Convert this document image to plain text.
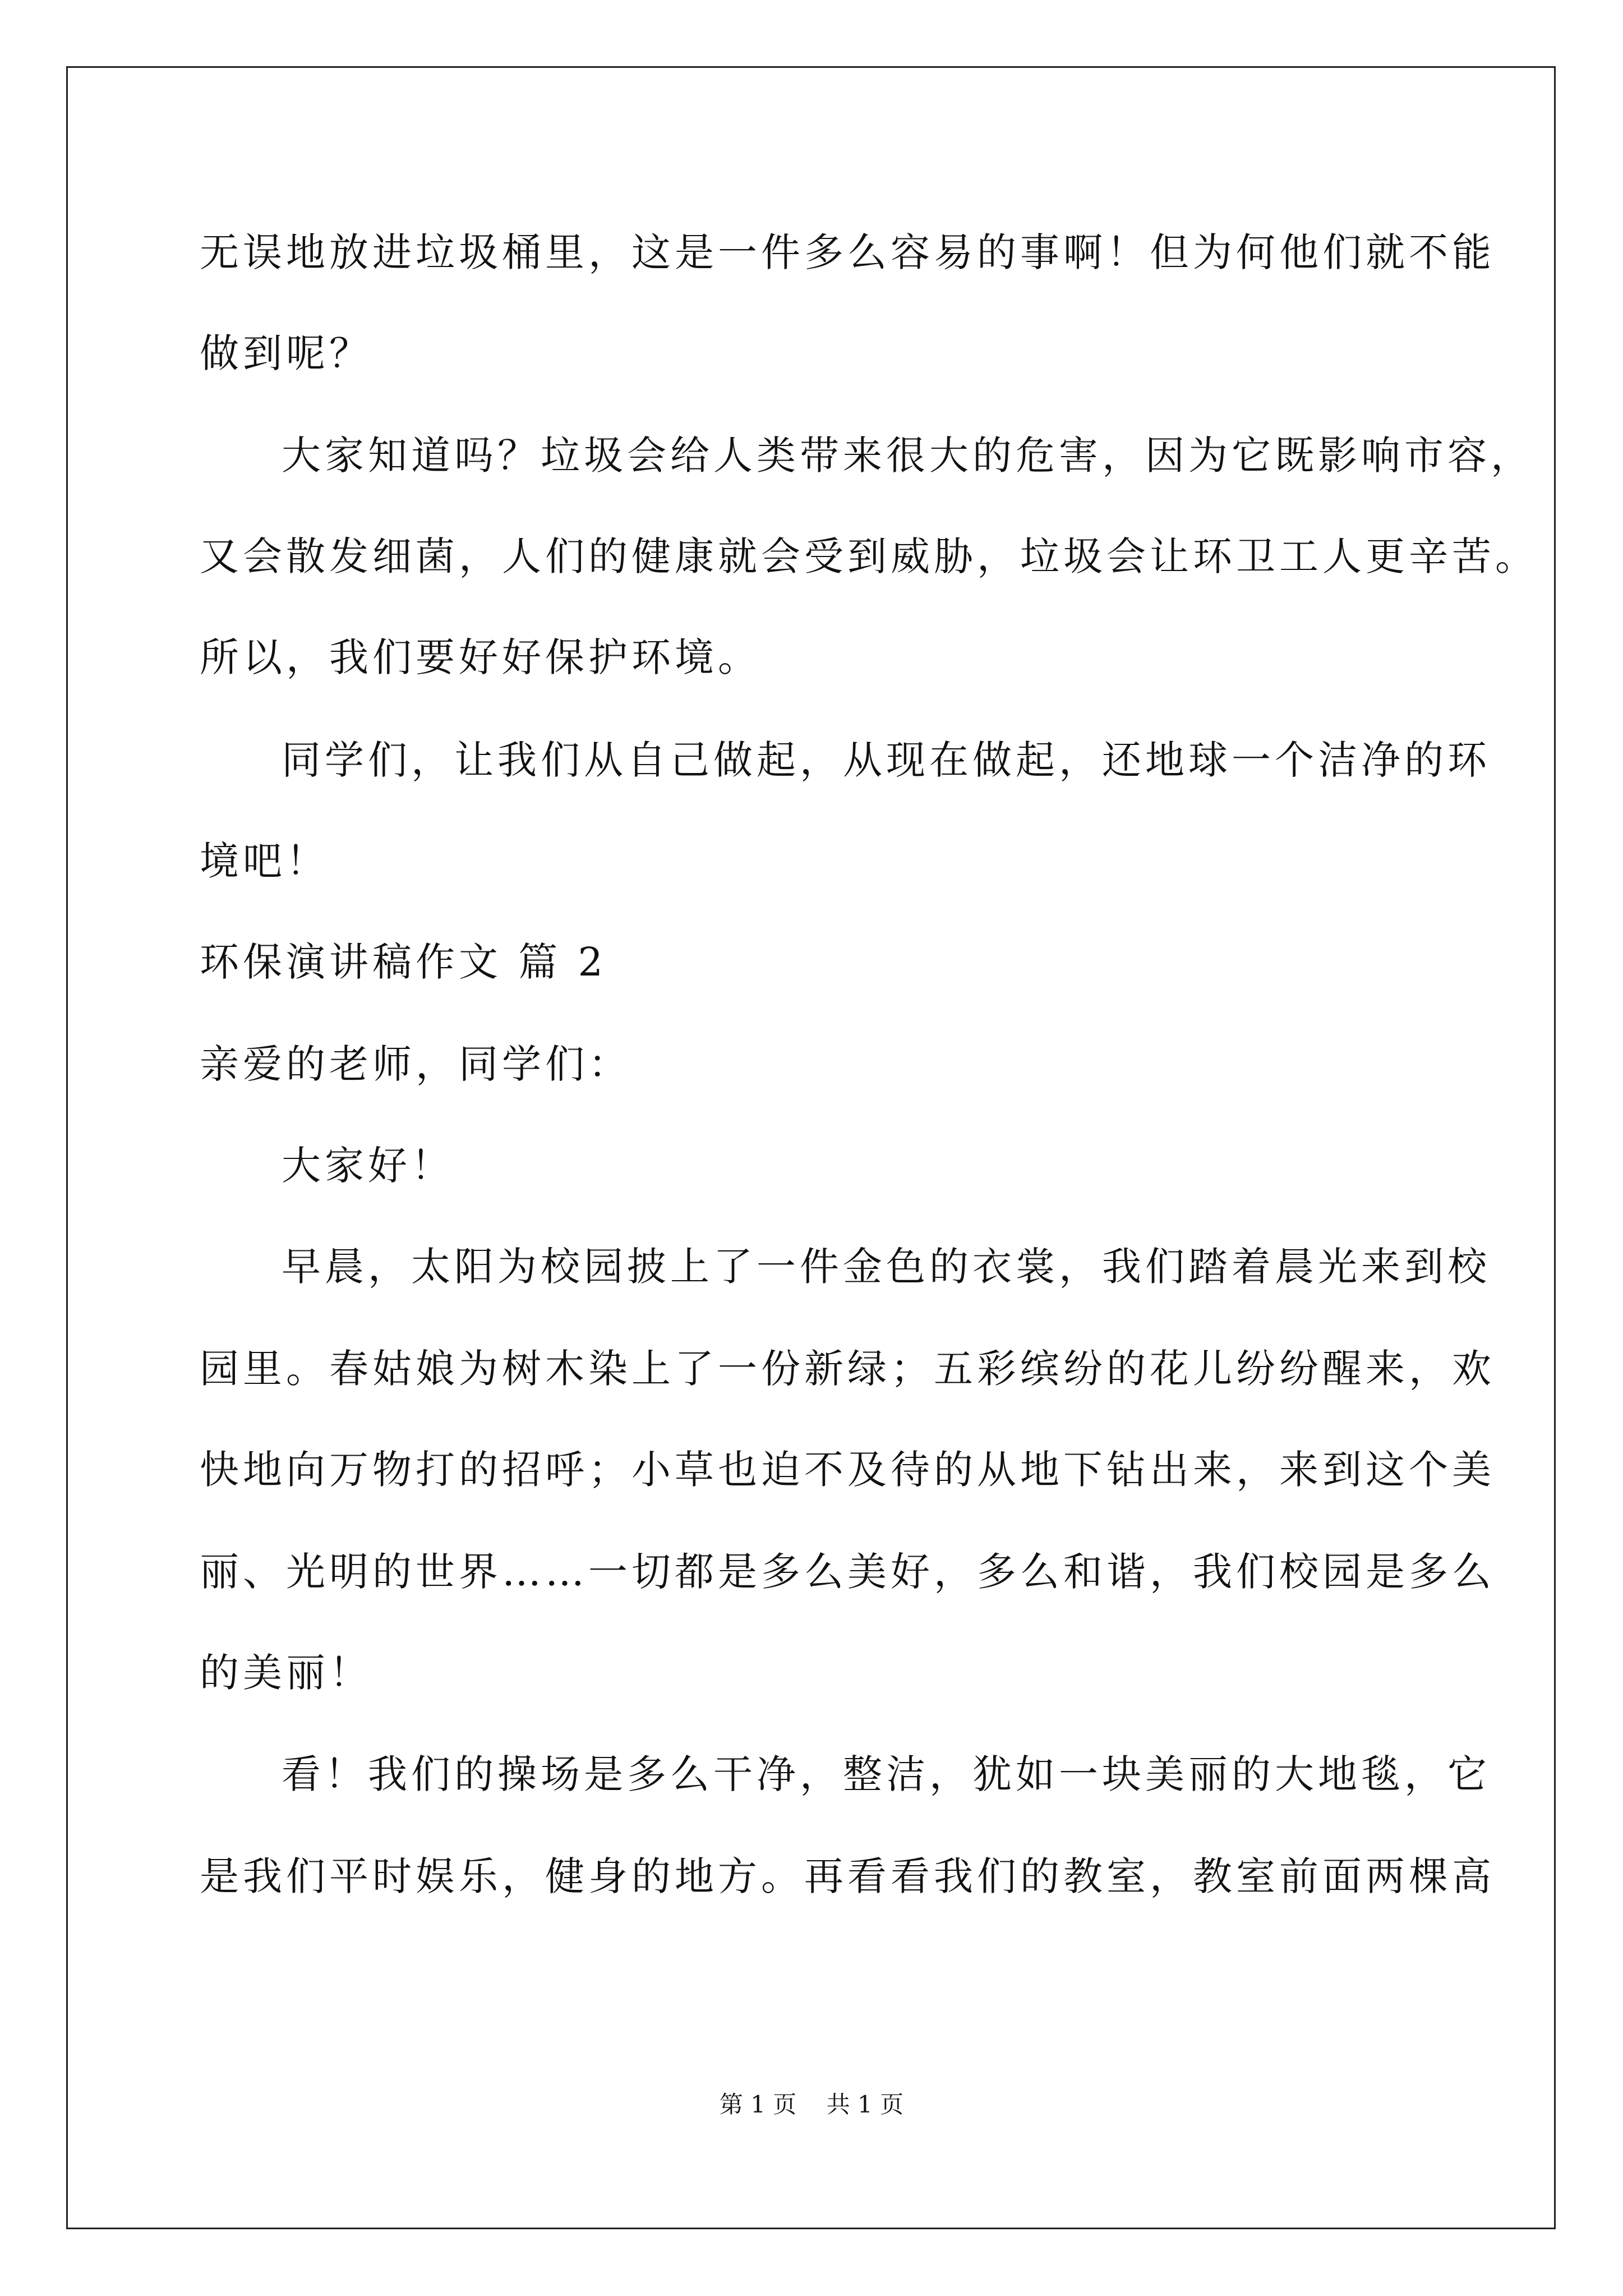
无误地放进垃圾桶里，这是一件多么容易的事啊！但为何他们就不能
做到呢？
大家知道吗？垃圾会给人类带来很大的危害，因为它既影响市容，
又会散发细菌，人们的健康就会受到威胁，垃圾会让环卫工人更辛苦。
所以，我们要好好保护环境。
同学们，让我们从自己做起，从现在做起，还地球一个洁净的环
境吧！
环保演讲稿作文 篇 2
亲爱的老师，同学们：
大家好！
早晨，太阳为校园披上了一件金色的衣裳，我们踏着晨光来到校
园里。春姑娘为树木染上了一份新绿；五彩缤纷的花儿纷纷醒来，欢
快地向万物打的招呼；小草也迫不及待的从地下钻出来，来到这个美
丽、光明的世界……一切都是多么美好，多么和谐，我们校园是多么
的美丽！
看！我们的操场是多么干净，整洁，犹如一块美丽的大地毯，它
是我们平时娱乐，健身的地方。再看看我们的教室，教室前面两棵高
第 1 页    共 1 页
